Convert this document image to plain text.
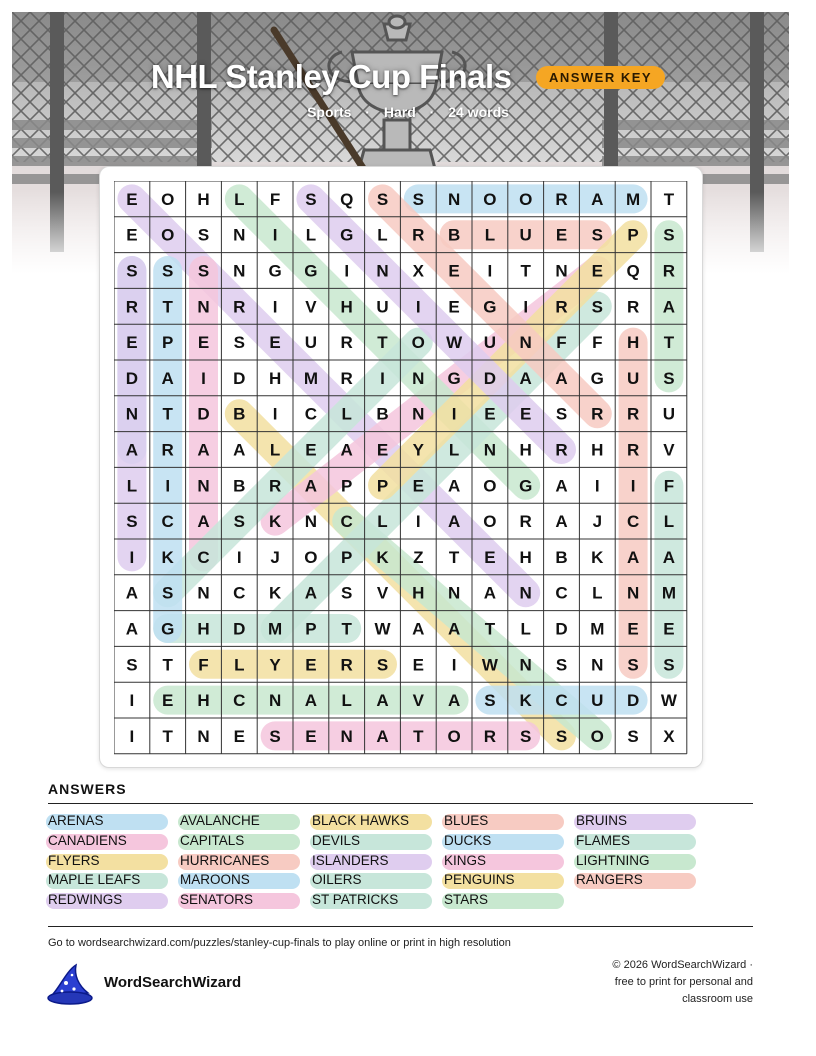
NHL Stanley Cup Finals	ANSWER KEY
Sports · Hard · 24 words
E O H L F S Q S S N O O R A M T
E O S N I L G L R B L U E S P S
S S S N G G I N X E I T N E Q R
R T N R I V H U I E G I R S R A
E P E S E U R T O W U N F F H T
D A I D H M R I N G D A A G U S
N T D B I C L B N I E E S R R U
A R A A L E A E Y L N H R H R V
L I N B R A P P E A O G A I I F
S C A S K N C L I A O R A J C L
I K C I J O P K Z T E H B K A A
A S N C K A S V H N A N C L N M
A G H D M P T W A A T L D M E E
S T F L Y E R S E I W N S N S S
I E H C N A L A V A S K C U D W
I T N E S E N A T O R S S O S X
ANSWERS
ARENAS
CANADIENS
FLYERS
MAPLE LEAFS
REDWINGS
AVALANCHE
CAPITALS
HURRICANES
MAROONS
SENATORS
BLACK HAWKS
DEVILS
ISLANDERS
OILERS
ST PATRICKS
BLUES
DUCKS
KINGS
PENGUINS
STARS
BRUINS
FLAMES
LIGHTNING
RANGERS
Go to wordsearchwizard.com/puzzles/stanley-cup-finals to play online or print in high resolution
WordSearchWizard
© 2026 WordSearchWizard ·
free to print for personal and
classroom use
